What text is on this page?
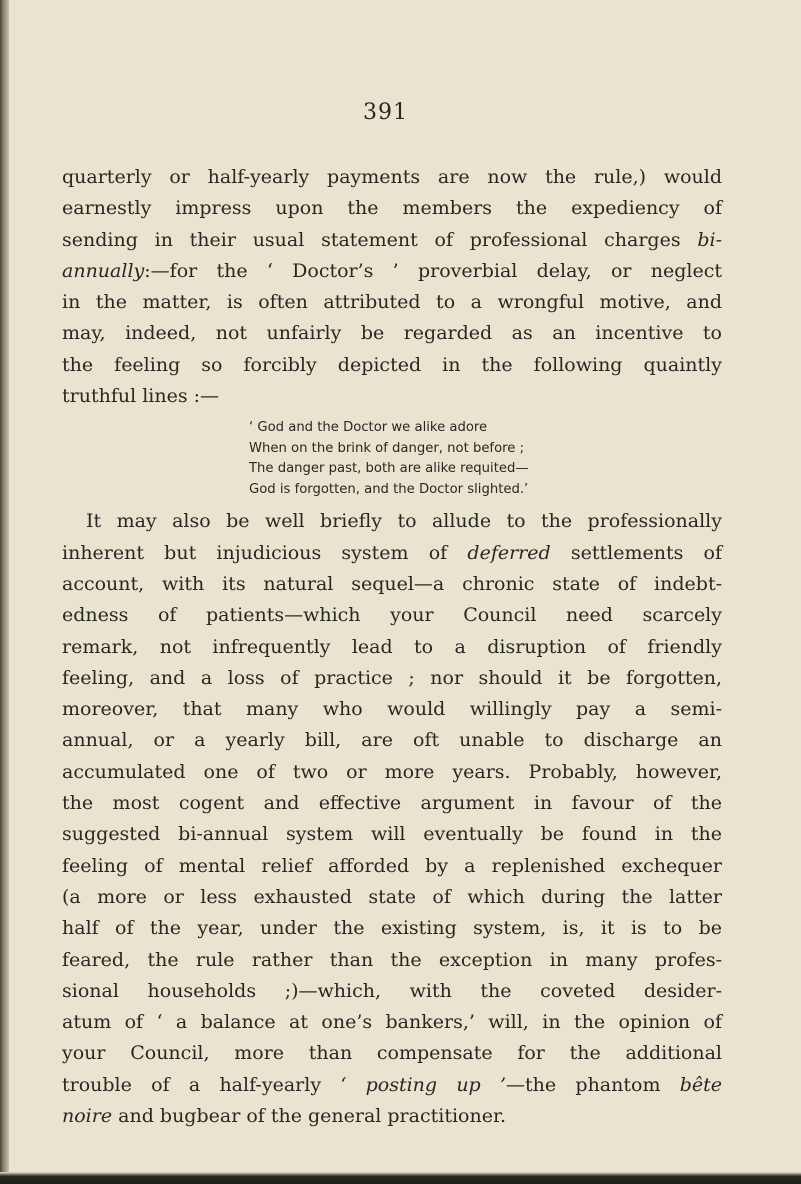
391

quarterly or half-yearly payments are now the rule,) would
earnestly impress upon the members the expediency of
sending in their usual statement of professional charges bi-
annually:—for the ‘ Doctor’s ’ proverbial delay, or neglect
in the matter, is often attributed to a wrongful motive, and
may, indeed, not unfairly be regarded as an incentive to
the feeling so forcibly depicted in the following quaintly
truthful lines :—

‘ God and the Doctor we alike adore
When on the brink of danger, not before ;
The danger past, both are alike requited—
God is forgotten, and the Doctor slighted.’

It may also be well briefly to allude to the professionally
inherent but injudicious system of deferred settlements of
account, with its natural sequel—a chronic state of indebt-
edness of patients—which your Council need scarcely
remark, not infrequently lead to a disruption of friendly
feeling, and a loss of practice ; nor should it be forgotten,
moreover, that many who would willingly pay a semi-
annual, or a yearly bill, are oft unable to discharge an
accumulated one of two or more years. Probably, however,
the most cogent and effective argument in favour of the
suggested bi-annual system will eventually be found in the
feeling of mental relief afforded by a replenished exchequer
(a more or less exhausted state of which during the latter
half of the year, under the existing system, is, it is to be
feared, the rule rather than the exception in many profes-
sional households ;)—which, with the coveted desider-
atum of ‘ a balance at one’s bankers,’ will, in the opinion of
your Council, more than compensate for the additional
trouble of a half-yearly ‘ posting up ’—the phantom bête
noire and bugbear of the general practitioner.
